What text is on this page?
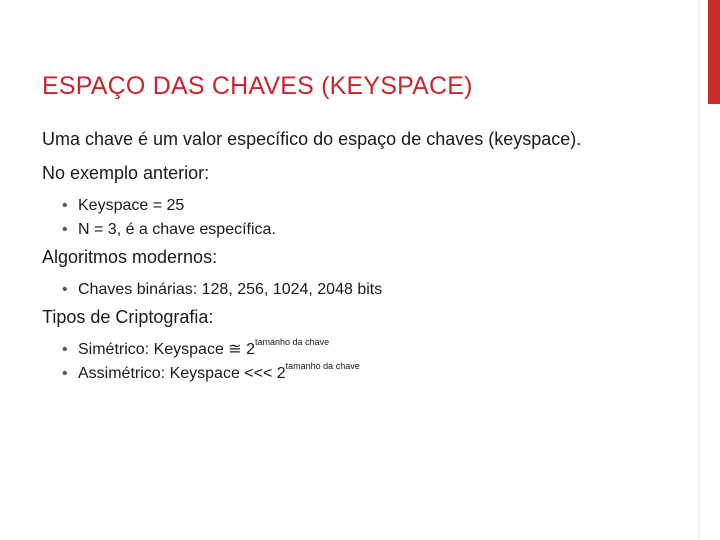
ESPAÇO DAS CHAVES (KEYSPACE)

Uma chave é um valor específico do espaço de chaves (keyspace).

No exemplo anterior:

• Keyspace = 25
• N = 3, é a chave específica.

Algoritmos modernos:

• Chaves binárias: 128, 256, 1024, 2048 bits

Tipos de Criptografia:

• Simétrico: Keyspace ≅ $2^{tamanho da chave}$
• Assimétrico: Keyspace <<< $2^{tamanho da chave}$
